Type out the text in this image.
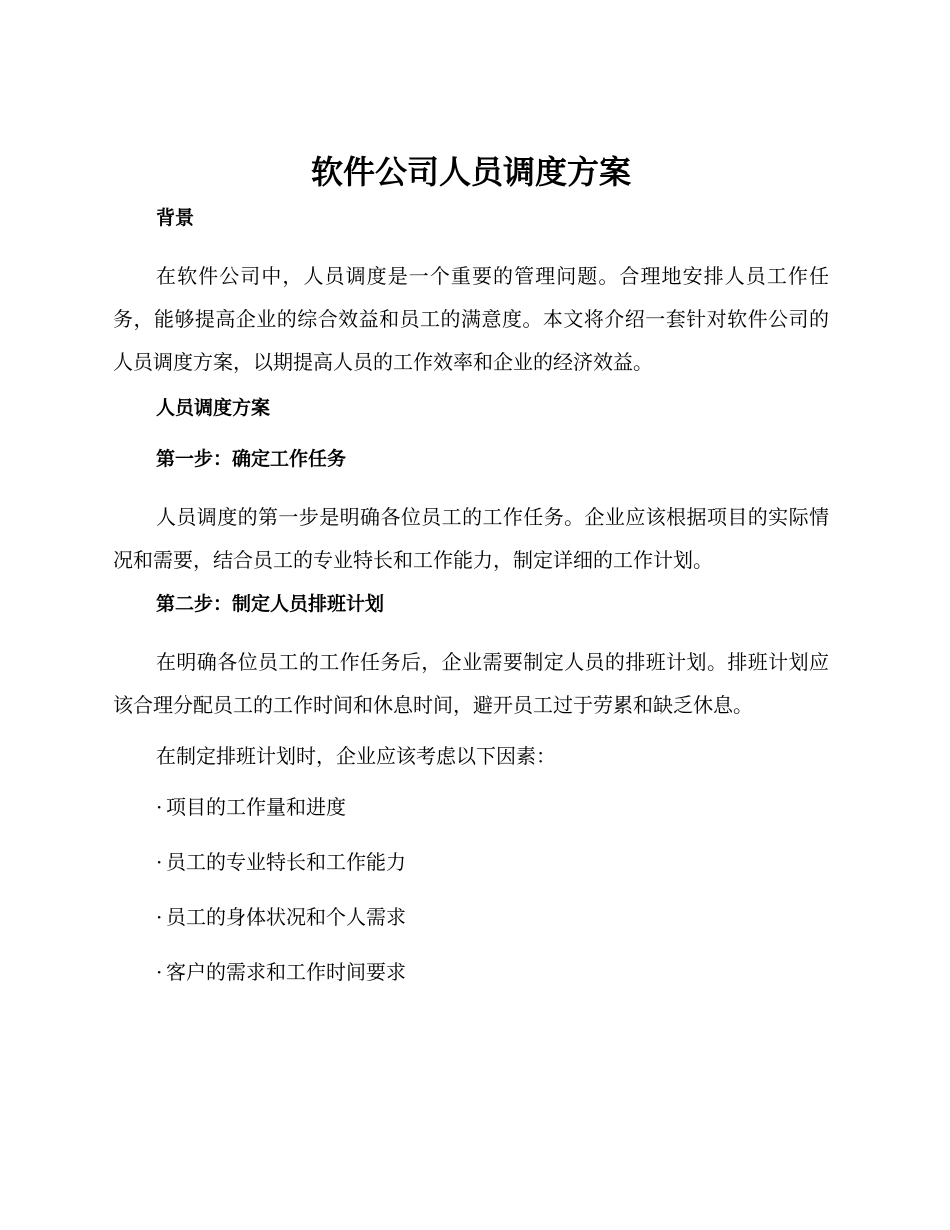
软件公司人员调度方案
背景

在软件公司中，人员调度是一个重要的管理问题。合理地安排人员工作任务，能够提高企业的综合效益和员工的满意度。本文将介绍一套针对软件公司的人员调度方案，以期提高人员的工作效率和企业的经济效益。

人员调度方案
第一步：确定工作任务

人员调度的第一步是明确各位员工的工作任务。企业应该根据项目的实际情况和需要，结合员工的专业特长和工作能力，制定详细的工作计划。

第二步：制定人员排班计划

在明确各位员工的工作任务后，企业需要制定人员的排班计划。排班计划应该合理分配员工的工作时间和休息时间，避开员工过于劳累和缺乏休息。

在制定排班计划时，企业应该考虑以下因素：

· 项目的工作量和进度
· 员工的专业特长和工作能力
· 员工的身体状况和个人需求
· 客户的需求和工作时间要求
